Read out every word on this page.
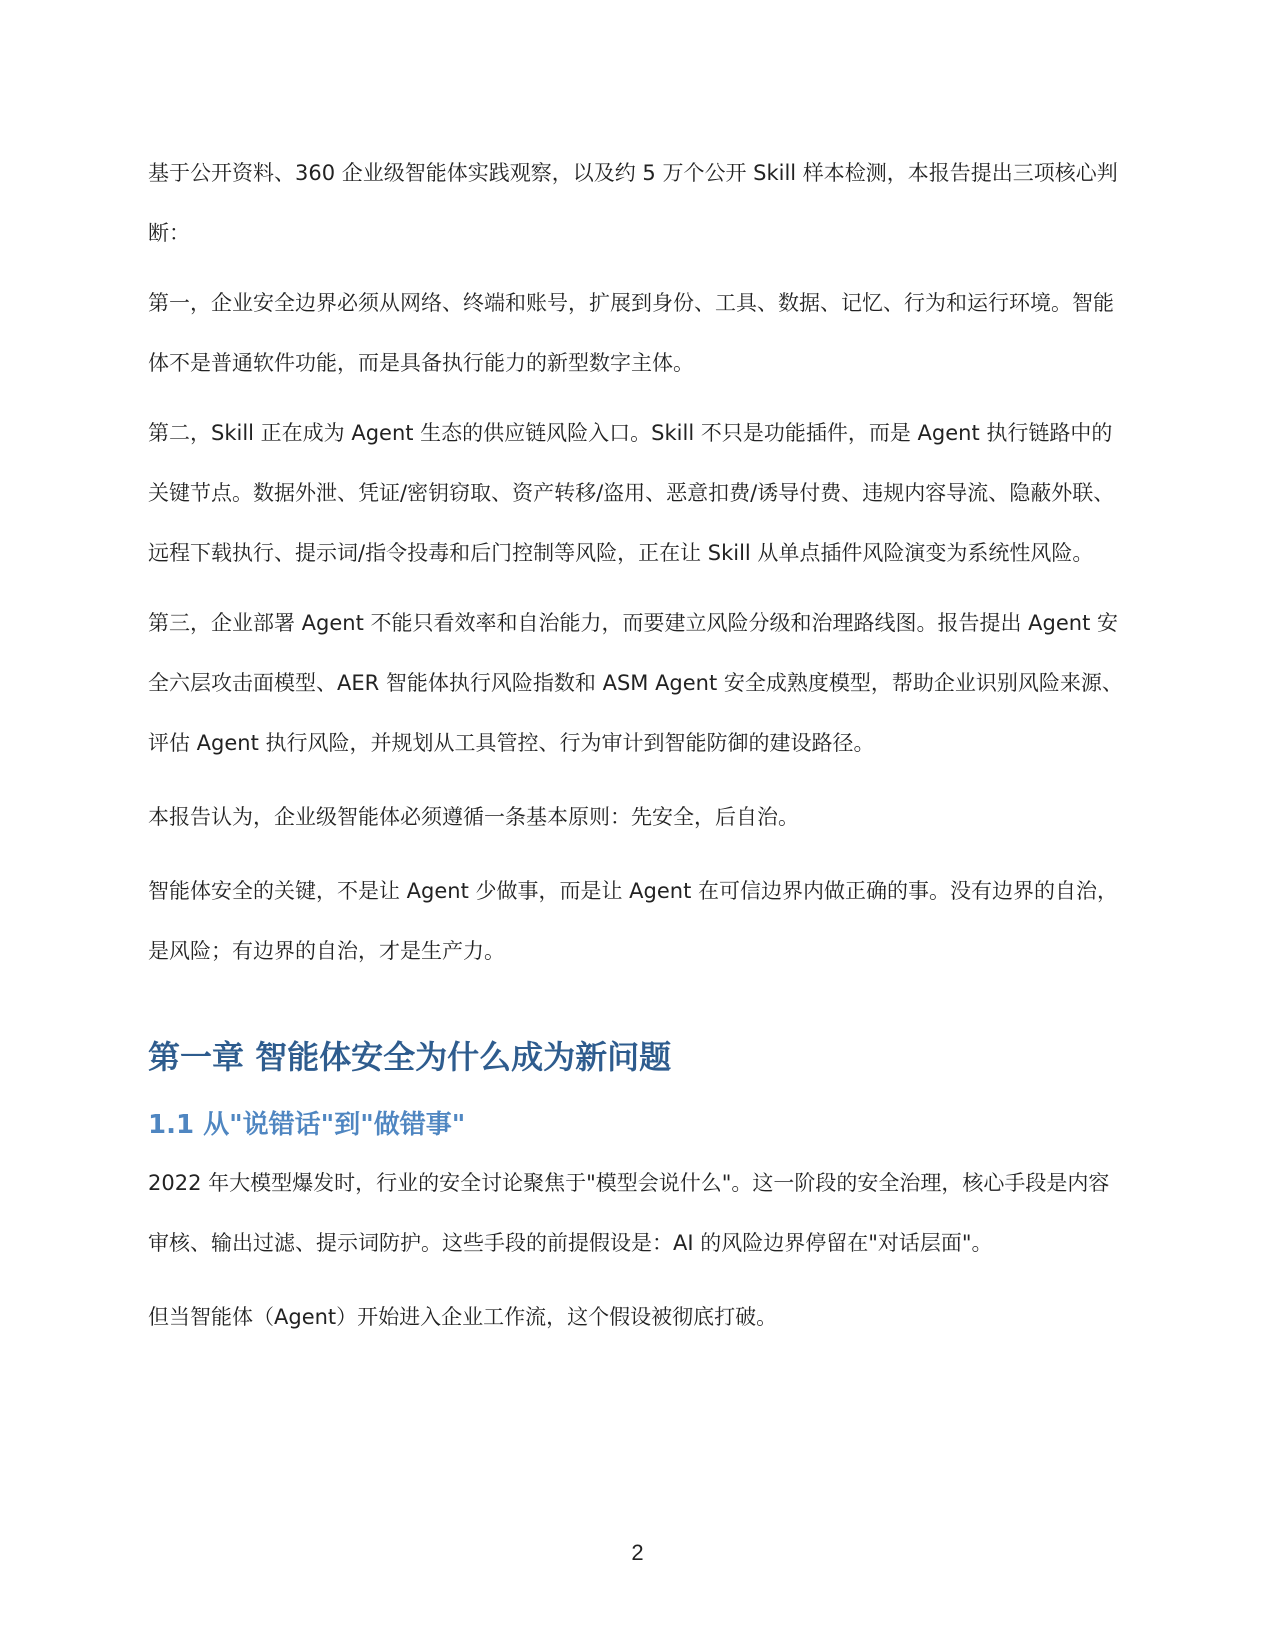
基于公开资料、360 企业级智能体实践观察，以及约 5 万个公开 Skill 样本检测，本报告提出三项核心判断：

第一，企业安全边界必须从网络、终端和账号，扩展到身份、工具、数据、记忆、行为和运行环境。智能体不是普通软件功能，而是具备执行能力的新型数字主体。

第二，Skill 正在成为 Agent 生态的供应链风险入口。Skill 不只是功能插件，而是 Agent 执行链路中的关键节点。数据外泄、凭证/密钥窃取、资产转移/盗用、恶意扣费/诱导付费、违规内容导流、隐蔽外联、远程下载执行、提示词/指令投毒和后门控制等风险，正在让 Skill 从单点插件风险演变为系统性风险。

第三，企业部署 Agent 不能只看效率和自治能力，而要建立风险分级和治理路线图。报告提出 Agent 安全六层攻击面模型、AER 智能体执行风险指数和 ASM Agent 安全成熟度模型，帮助企业识别风险来源、评估 Agent 执行风险，并规划从工具管控、行为审计到智能防御的建设路径。

本报告认为，企业级智能体必须遵循一条基本原则：先安全，后自治。

智能体安全的关键，不是让 Agent 少做事，而是让 Agent 在可信边界内做正确的事。没有边界的自治，是风险；有边界的自治，才是生产力。

第一章 智能体安全为什么成为新问题
1.1 从"说错话"到"做错事"

2022 年大模型爆发时，行业的安全讨论聚焦于"模型会说什么"。这一阶段的安全治理，核心手段是内容审核、输出过滤、提示词防护。这些手段的前提假设是：AI 的风险边界停留在"对话层面"。

但当智能体（Agent）开始进入企业工作流，这个假设被彻底打破。

2
